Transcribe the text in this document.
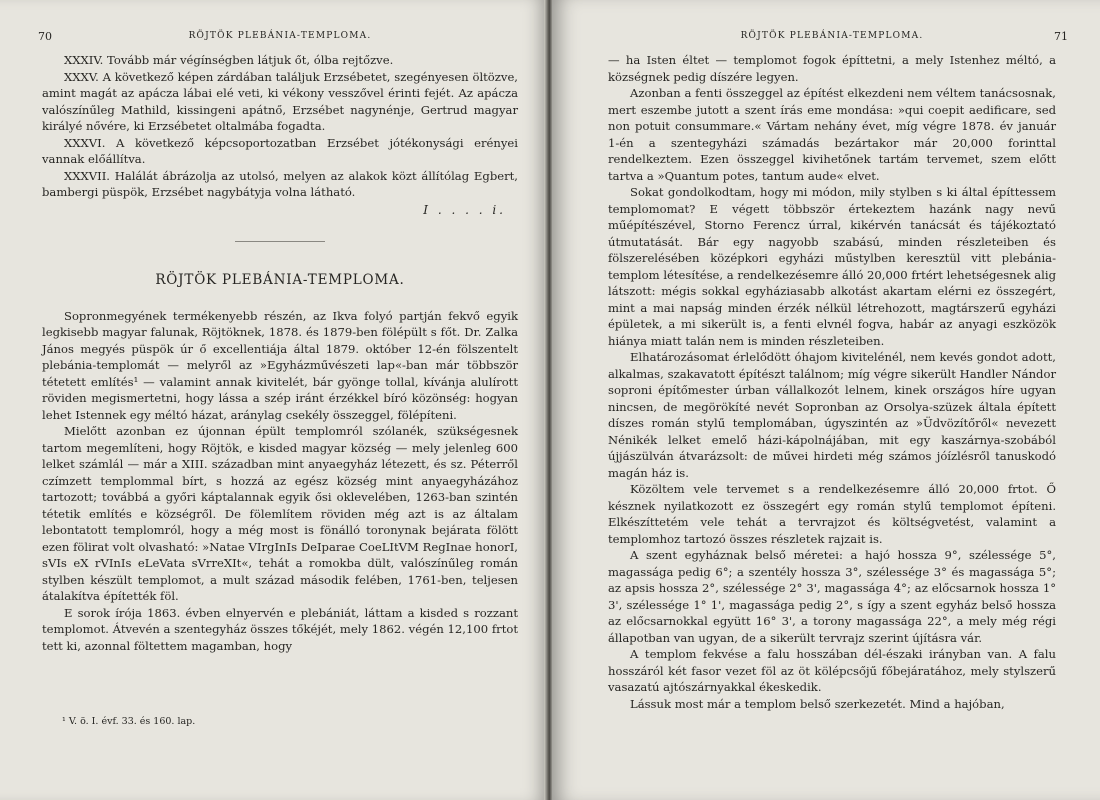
70	RÖJTÖK PLEBÁNIA-TEMPLOMA.

XXXIV. Tovább már végínségben látjuk őt, ólba rejtőzve.

XXXV. A következő képen zárdában találjuk Erzsébetet, szegényesen öltözve, amint magát az apácza lábai elé veti, ki vékony vesszővel érinti fejét. Az apácza valószínűleg Mathild, kissingeni apátnő, Erzsébet nagynénje, Gertrud magyar királyé nővére, ki Erzsébetet oltalmába fogadta.

XXXVI. A következő képcsoportozatban Erzsébet jótékonysági erényei vannak előállítva.

XXXVII. Halálát ábrázolja az utolsó, melyen az alakok közt állítólag Egbert, bambergi püspök, Erzsébet nagybátyja volna látható.

I . . . . i.
RÖJTÖK PLEBÁNIA-TEMPLOMA.

Sopronmegyének termékenyebb részén, az Ikva folyó partján fekvő egyik legkisebb magyar falunak, Röjtöknek, 1878. és 1879-ben fölépült s főt. Dr. Zalka János megyés püspök úr ő excellentiája által 1879. október 12-én fölszentelt plebánia-templomát — melyről az »Egyházművészeti lap«-ban már többször tétetett említés¹ — valamint annak kivitelét, bár gyönge tollal, kívánja alulírott röviden megismertetni, hogy lássa a szép iránt érzékkel bíró közönség: hogyan lehet Istennek egy méltó házat, aránylag csekély összeggel, fölépíteni.

Mielőtt azonban ez újonnan épült templomról szólanék, szükségesnek tartom megemlíteni, hogy Röjtök, e kisded magyar község — mely jelenleg 600 lelket számlál — már a XIII. században mint anyaegyház létezett, és sz. Péterről czímzett templommal bírt, s hozzá az egész község mint anyaegyházához tartozott; továbbá a győri káptalannak egyik ősi oklevelében, 1263-ban szintén tétetik említés e községről. De fölemlítem röviden még azt is az általam lebontatott templomról, hogy a még most is fönálló toronynak bejárata fölött ezen fölirat volt olvasható: »Natae VIrgInIs DeIparae CoeLItVM RegInae honorI, sVIs eX rVInIs eLeVata sVrreXIt«, tehát a romokba dült, valószínűleg román stylben készült templomot, a mult század második felében, 1761-ben, teljesen átalakítva építették föl.

E sorok írója 1863. évben elnyervén e plebániát, láttam a kisded s rozzant templomot. Átvevén a szentegyház összes tőkéjét, mely 1862. végén 12,100 frtot tett ki, azonnal föltettem magamban, hogy

¹ V. ö. I. évf. 33. és 160. lap.
RÖJTÖK PLEBÁNIA-TEMPLOMA.	71

— ha Isten éltet — templomot fogok építtetni, a mely Istenhez méltó, a községnek pedig díszére legyen.

Azonban a fenti összeggel az építést elkezdeni nem véltem tanácsosnak, mert eszembe jutott a szent írás eme mondása: »qui coepit aedificare, sed non potuit consummare.« Vártam nehány évet, míg végre 1878. év január 1-én a szentegyházi számadás bezártakor már 20,000 forinttal rendelkeztem. Ezen összeggel kivihetőnek tartám tervemet, szem előtt tartva a »Quantum potes, tantum aude« elvet.

Sokat gondolkodtam, hogy mi módon, mily stylben s ki által építtessem templomomat? E végett többször értekeztem hazánk nagy nevű műépítészével, Storno Ferencz úrral, kikérvén tanácsát és tájékoztató útmutatását. Bár egy nagyobb szabású, minden részleteiben és fölszerelésében középkori egyházi műstylben keresztül vitt plebánia-templom létesítése, a rendelkezésemre álló 20,000 frtért lehetségesnek alig látszott: mégis sokkal egyháziasabb alkotást akartam elérni ez összegért, mint a mai napság minden érzék nélkül létrehozott, magtárszerű egyházi épületek, a mi sikerült is, a fenti elvnél fogva, habár az anyagi eszközök hiánya miatt talán nem is minden részleteiben.

Elhatározásomat érlelődött óhajom kivitelénél, nem kevés gondot adott, alkalmas, szakavatott építészt találnom; míg végre sikerült Handler Nándor soproni építőmester úrban vállalkozót lelnem, kinek országos híre ugyan nincsen, de megörökíté nevét Sopronban az Orsolya-szüzek általa épített díszes román stylű templomában, úgyszintén az »Üdvözítőről« nevezett Nénikék lelket emelő házi-kápolnájában, mit egy kaszárnya-szobából újjászülván átvarázsolt: de művei hirdeti még számos jóízlésről tanuskodó magán ház is.

Közöltem vele tervemet s a rendelkezésemre álló 20,000 frtot. Ő késznek nyilatkozott ez összegért egy román stylű templomot építeni. Elkészíttetém vele tehát a tervrajzot és költségvetést, valamint a templomhoz tartozó összes részletek rajzait is.

A szent egyháznak belső méretei: a hajó hossza 9°, szélessége 5°, magassága pedig 6°; a szentély hossza 3°, szélessége 3° és magassága 5°; az apsis hossza 2°, szélessége 2° 3', magassága 4°; az előcsarnok hossza 1° 3', szélessége 1° 1', magassága pedig 2°, s így a szent egyház belső hossza az előcsarnokkal együtt 16° 3', a torony magassága 22°, a mely még régi állapotban van ugyan, de a sikerült tervrajz szerint újításra vár.

A templom fekvése a falu hosszában dél-északi irányban van. A falu hosszáról két fasor vezet föl az öt kölépcsőjű főbejáratához, mely stylszerű vasazatú ajtószárnyakkal ékeskedik.

Lássuk most már a templom belső szerkezetét. Mind a hajóban,
